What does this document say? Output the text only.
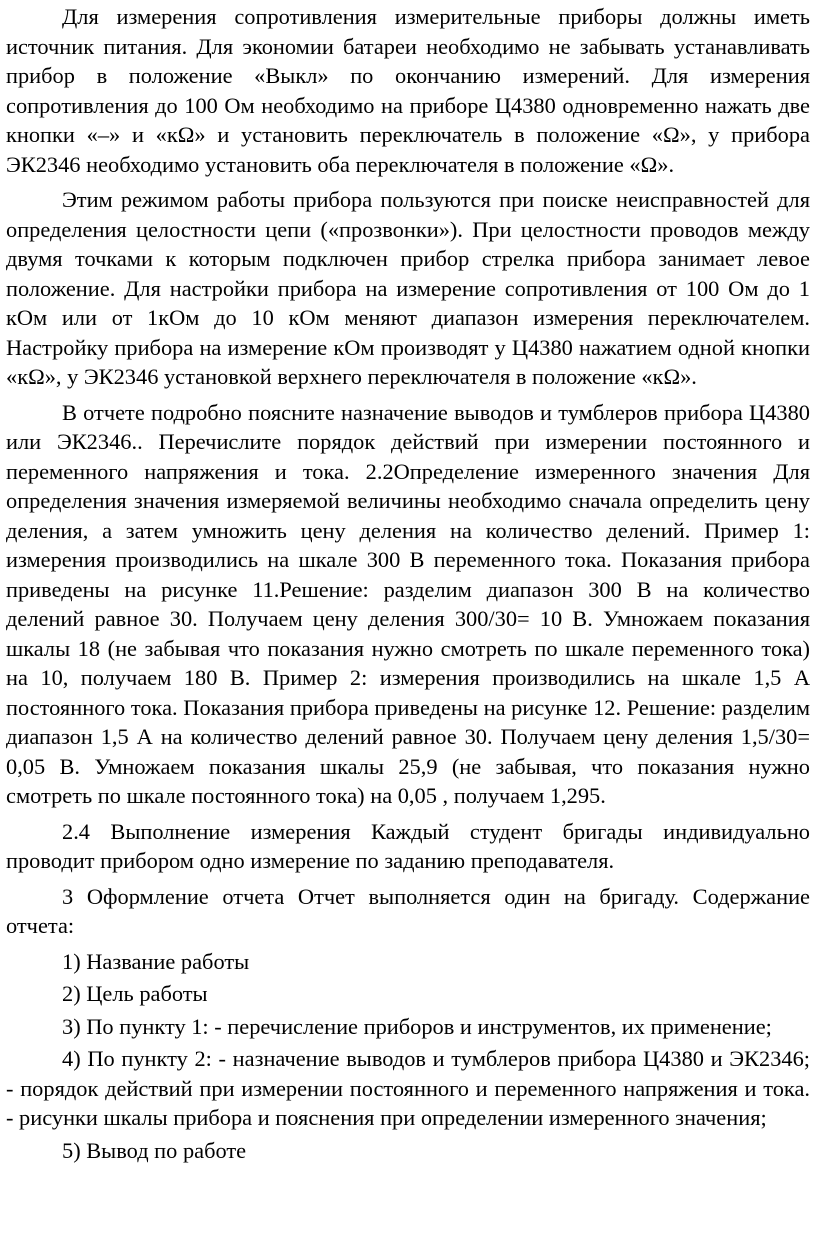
Для измерения сопротивления измерительные приборы должны иметь источник питания. Для экономии батареи необходимо не забывать устанавливать прибор в положение «Выкл» по окончанию измерений. Для измерения сопротивления до 100 Ом необходимо на приборе Ц4380 одновременно нажать две кнопки «–» и «кΩ» и установить переключатель в положение «Ω», у прибора ЭК2346 необходимо установить оба переключателя в положение «Ω».

Этим режимом работы прибора пользуются при поиске неисправностей для определения целостности цепи («прозвонки»). При целостности проводов между двумя точками к которым подключен прибор стрелка прибора занимает левое положение. Для настройки прибора на измерение сопротивления от 100 Ом до 1 кОм или от 1кОм до 10 кОм меняют диапазон измерения переключателем. Настройку прибора на измерение кОм производят у Ц4380 нажатием одной кнопки «кΩ», у ЭК2346 установкой верхнего переключателя в положение «кΩ».

В отчете подробно поясните назначение выводов и тумблеров прибора Ц4380 или ЭК2346.. Перечислите порядок действий при измерении постоянного и переменного напряжения и тока. 2.2Определение измеренного значения Для определения значения измеряемой величины необходимо сначала определить цену деления, а затем умножить цену деления на количество делений. Пример 1: измерения производились на шкале 300 В переменного тока. Показания прибора приведены на рисунке 11.Решение: разделим диапазон 300 В на количество делений равное 30. Получаем цену деления 300/30= 10 В. Умножаем показания шкалы 18 (не забывая что показания нужно смотреть по шкале переменного тока) на 10, получаем 180 В. Пример 2: измерения производились на шкале 1,5 А постоянного тока. Показания прибора приведены на рисунке 12. Решение: разделим диапазон 1,5 А на количество делений равное 30. Получаем цену деления 1,5/30= 0,05 В. Умножаем показания шкалы 25,9 (не забывая, что показания нужно смотреть по шкале постоянного тока) на 0,05 , получаем 1,295.

2.4 Выполнение измерения Каждый студент бригады индивидуально проводит прибором одно измерение по заданию преподавателя.

3 Оформление отчета Отчет выполняется один на бригаду. Содержание отчета:

1) Название работы

2) Цель работы

3) По пункту 1: - перечисление приборов и инструментов, их применение;

4) По пункту 2: - назначение выводов и тумблеров прибора Ц4380 и ЭК2346; - порядок действий при измерении постоянного и переменного напряжения и тока. - рисунки шкалы прибора и пояснения при определении измеренного значения;

5) Вывод по работе
